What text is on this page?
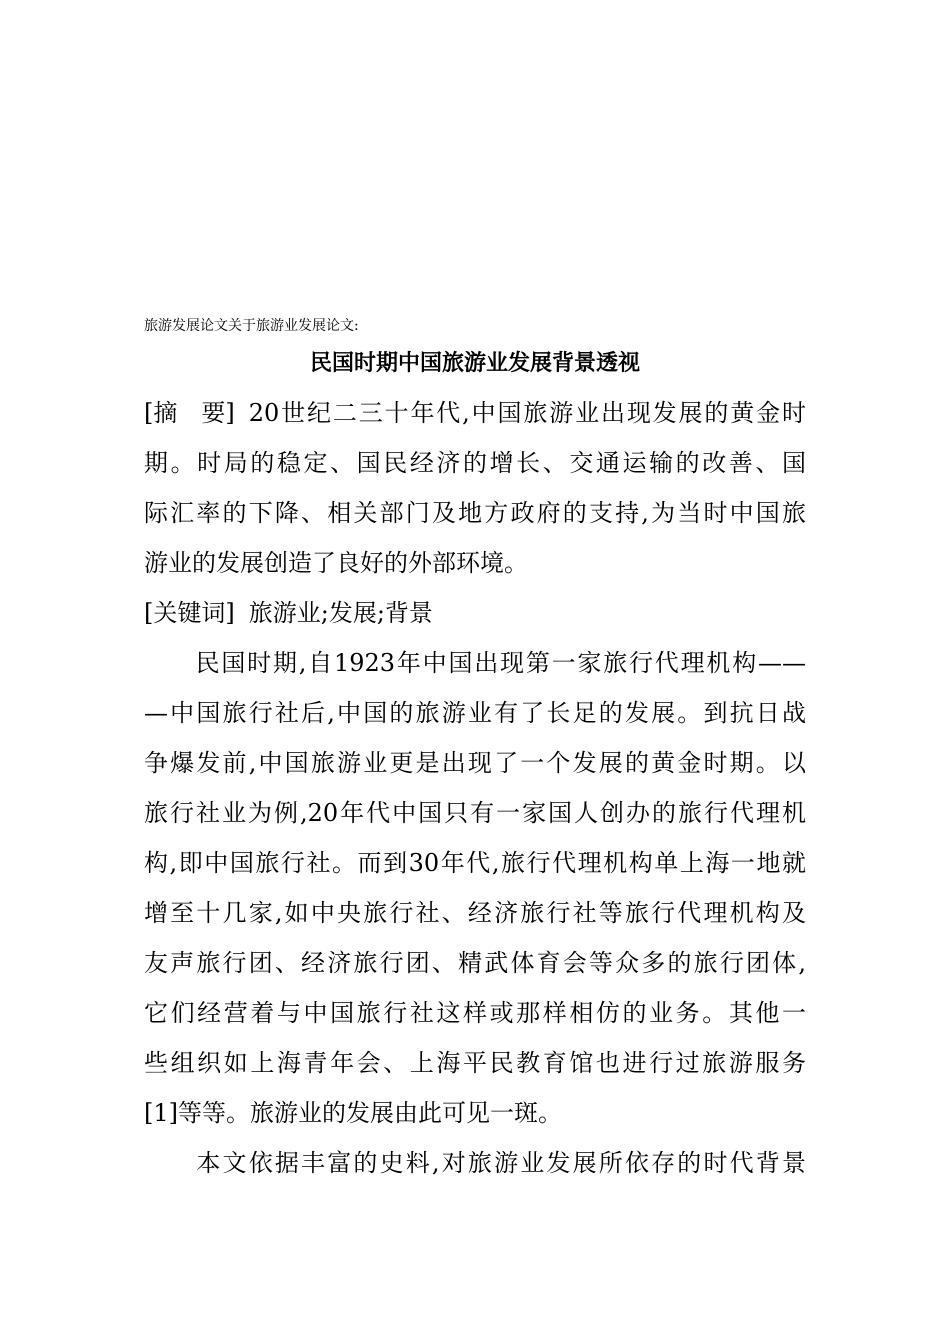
旅游发展论文关于旅游业发展论文:
民国时期中国旅游业发展背景透视
[摘　要] 20世纪二三十年代,中国旅游业出现发展的黄金时
期。时局的稳定、国民经济的增长、交通运输的改善、国
际汇率的下降、相关部门及地方政府的支持,为当时中国旅
游业的发展创造了良好的外部环境。
[关键词] 旅游业;发展;背景
　　民国时期,自1923年中国出现第一家旅行代理机构——
—中国旅行社后,中国的旅游业有了长足的发展。到抗日战
争爆发前,中国旅游业更是出现了一个发展的黄金时期。以
旅行社业为例,20年代中国只有一家国人创办的旅行代理机
构,即中国旅行社。而到30年代,旅行代理机构单上海一地就
增至十几家,如中央旅行社、经济旅行社等旅行代理机构及
友声旅行团、经济旅行团、精武体育会等众多的旅行团体,
它们经营着与中国旅行社这样或那样相仿的业务。其他一
些组织如上海青年会、上海平民教育馆也进行过旅游服务
[1]等等。旅游业的发展由此可见一斑。
　　本文依据丰富的史料,对旅游业发展所依存的时代背景
